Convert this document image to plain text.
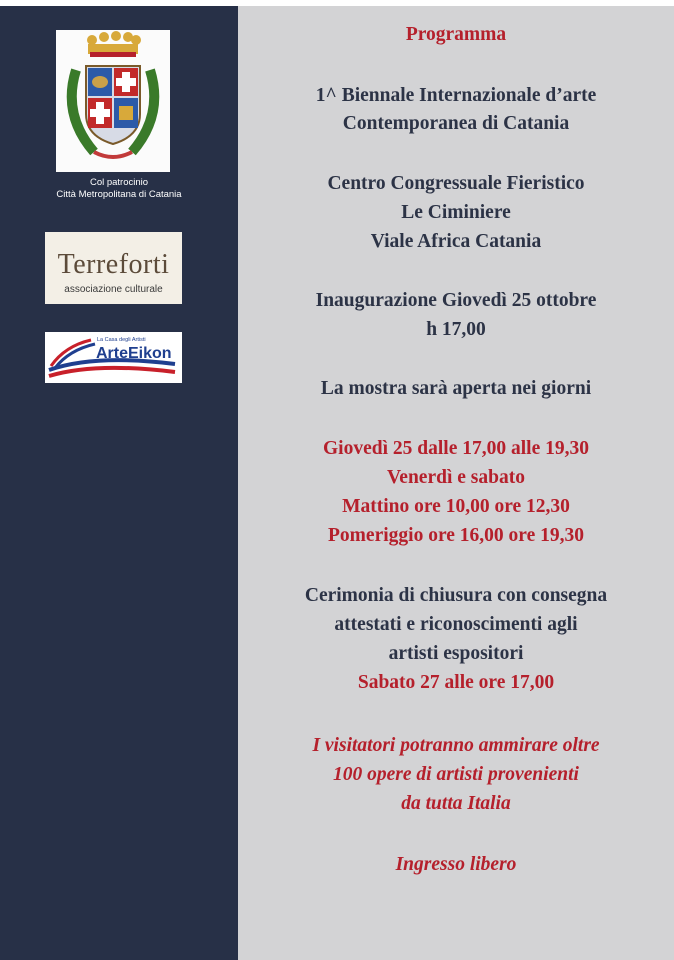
Col patrocinio
Città Metropolitana di Catania
Terreforti
associazione culturale
La Casa degli Artisti
ArteEikon
Programma
1^ Biennale Internazionale d’arte
Contemporanea di Catania
Centro Congressuale Fieristico
Le Ciminiere
Viale Africa Catania
Inaugurazione Giovedì 25 ottobre
h 17,00
La mostra sarà aperta nei giorni
Giovedì 25 dalle 17,00 alle 19,30
Venerdì e sabato
Mattino ore 10,00 ore 12,30
Pomeriggio ore 16,00 ore 19,30
Cerimonia di chiusura con consegna
attestati e riconoscimenti agli
artisti espositori
Sabato 27 alle ore 17,00
I visitatori potranno ammirare oltre
100 opere di artisti provenienti
da tutta Italia
Ingresso libero
